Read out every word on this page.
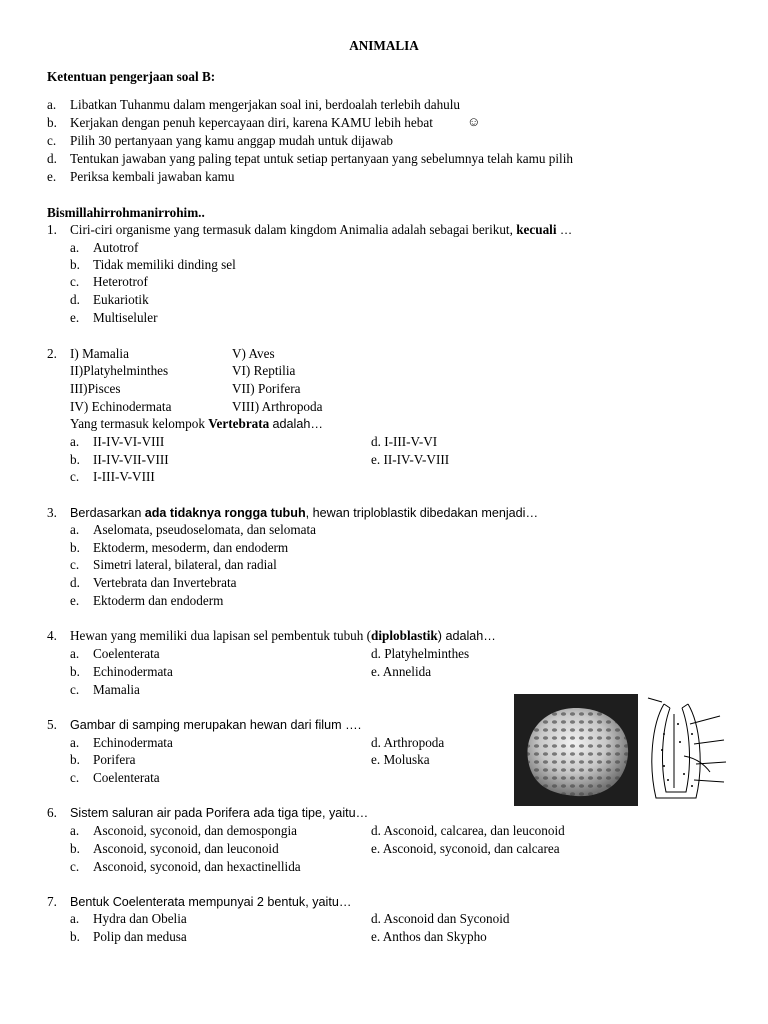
ANIMALIA
Ketentuan pengerjaan soal B:
a. Libatkan Tuhanmu dalam mengerjakan soal ini, berdoalah terlebih dahulu
b. Kerjakan dengan penuh kepercayaan diri, karena KAMU lebih hebat	☺
c. Pilih 30 pertanyaan yang kamu anggap mudah untuk dijawab
d. Tentukan jawaban yang paling tepat untuk setiap pertanyaan yang sebelumnya telah kamu pilih
e. Periksa kembali jawaban kamu
Bismillahirrohmanirrohim..
1. Ciri-ciri organisme yang termasuk dalam kingdom Animalia adalah sebagai berikut, kecuali …
a. Autotrof
b. Tidak memiliki dinding sel
c. Heterotrof
d. Eukariotik
e. Multiseluler
2. I) Mamalia
II)Platyhelminthes
III)Pisces
IV) Echinodermata
V) Aves
VI) Reptilia
VII) Porifera
VIII) Arthropoda
Yang termasuk kelompok Vertebrata adalah…
a. II-IV-VI-VIII
b. II-IV-VII-VIII
c. I-III-V-VIII
d. I-III-V-VI
e. II-IV-V-VIII
3. Berdasarkan ada tidaknya rongga tubuh, hewan triploblastik dibedakan menjadi…
a. Aselomata, pseudoselomata, dan selomata
b. Ektoderm, mesoderm, dan endoderm
c. Simetri lateral, bilateral, dan radial
d. Vertebrata dan Invertebrata
e. Ektoderm dan endoderm
4. Hewan yang memiliki dua lapisan sel pembentuk tubuh (diploblastik) adalah…
a. Coelenterata
b. Echinodermata
c. Mamalia
d. Platyhelminthes
e. Annelida
5. Gambar di samping merupakan hewan dari filum ….
a. Echinodermata
b. Porifera
c. Coelenterata
d. Arthropoda
e. Moluska
6. Sistem saluran air pada Porifera ada tiga tipe, yaitu…
a. Asconoid, syconoid, dan demospongia
b. Asconoid, syconoid, dan leuconoid
c. Asconoid, syconoid, dan hexactinellida
d. Asconoid, calcarea, dan leuconoid
e. Asconoid, syconoid, dan calcarea
7. Bentuk Coelenterata mempunyai 2 bentuk, yaitu…
a. Hydra dan Obelia
b. Polip dan medusa
d. Asconoid dan Syconoid
e. Anthos dan Skypho
